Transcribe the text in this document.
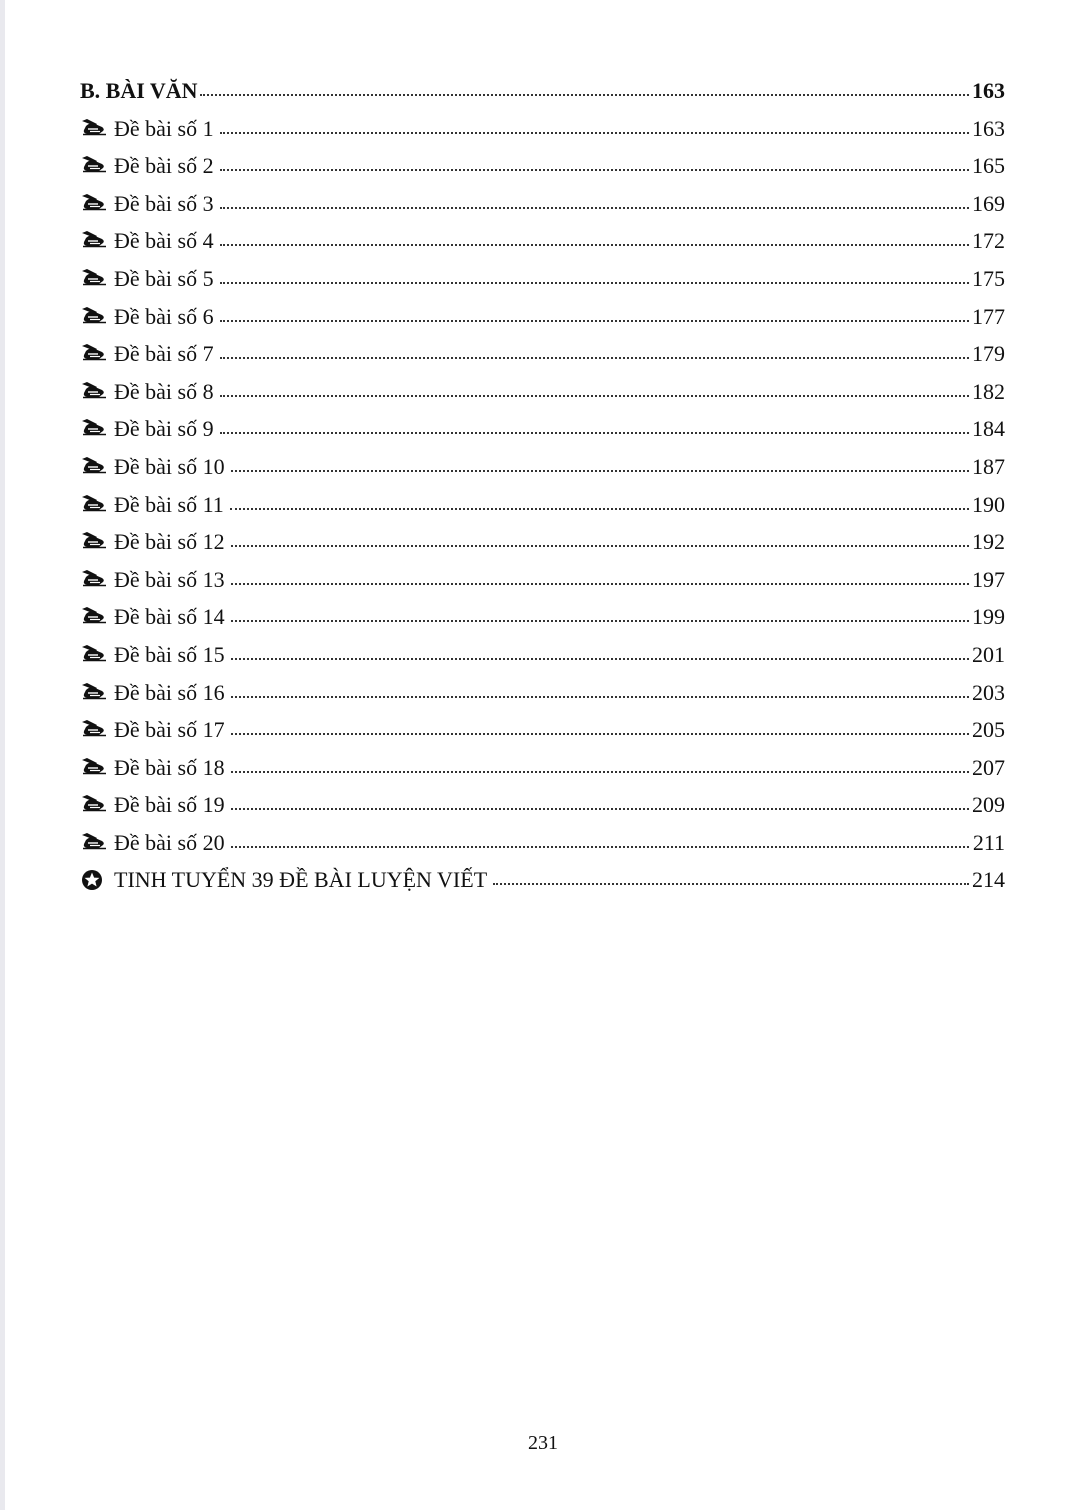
B. BÀI VĂN	163
Đề bài số 1	163
Đề bài số 2	165
Đề bài số 3	169
Đề bài số 4	172
Đề bài số 5	175
Đề bài số 6	177
Đề bài số 7	179
Đề bài số 8	182
Đề bài số 9	184
Đề bài số 10	187
Đề bài số 11	190
Đề bài số 12	192
Đề bài số 13	197
Đề bài số 14	199
Đề bài số 15	201
Đề bài số 16	203
Đề bài số 17	205
Đề bài số 18	207
Đề bài số 19	209
Đề bài số 20	211
TINH TUYỂN 39 ĐỀ BÀI LUYỆN VIẾT	214
231
